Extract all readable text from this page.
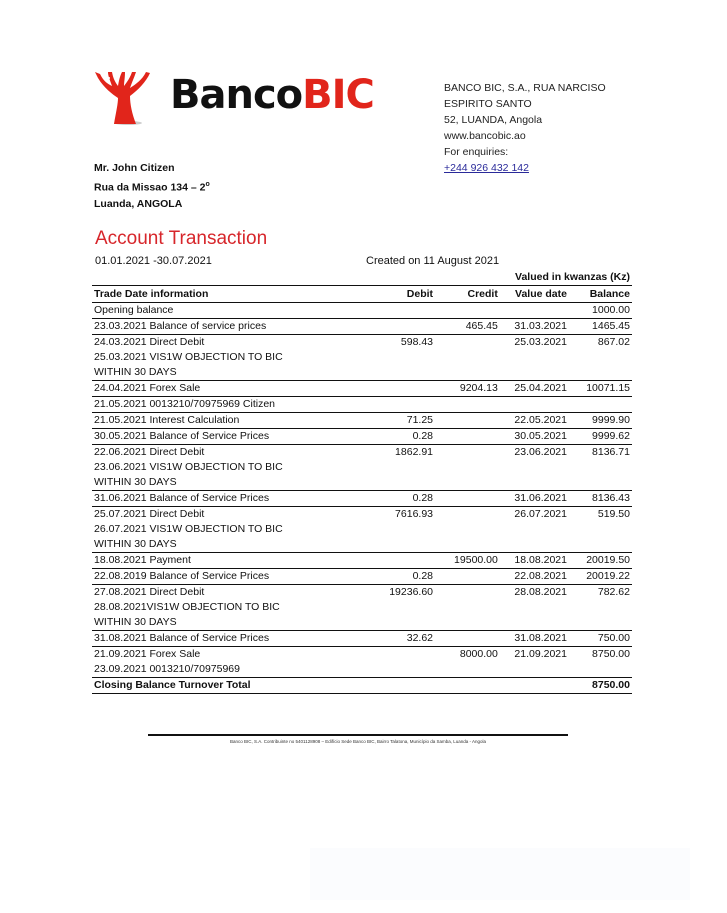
BancoBIC	BANCO BIC, S.A., RUA NARCISO
ESPIRITO SANTO
52, LUANDA, Angola
www.bancobic.ao
For enquiries:
+244 926 432 142
Mr. John Citizen
Rua da Missao 134 – 2$^o$
Luanda, ANGOLA
Account Transaction
01.01.2021 -30.07.2021	Created on 11 August 2021
Valued in kwanzas (Kz)
Trade Date information	Debit	Credit	Value date	Balance
Opening balance				1000.00
23.03.2021 Balance of service prices		465.45	31.03.2021	1465.45
24.03.2021 Direct Debit	598.43		25.03.2021	867.02
25.03.2021 VIS1W OBJECTION TO BIC				
WITHIN 30 DAYS				
24.04.2021 Forex Sale		9204.13	25.04.2021	10071.15
21.05.2021 0013210/70975969 Citizen				
21.05.2021 Interest Calculation	71.25		22.05.2021	9999.90
30.05.2021 Balance of Service Prices	0.28		30.05.2021	9999.62
22.06.2021 Direct Debit	1862.91		23.06.2021	8136.71
23.06.2021 VIS1W OBJECTION TO BIC				
WITHIN 30 DAYS				
31.06.2021 Balance of Service Prices	0.28		31.06.2021	8136.43
25.07.2021 Direct Debit	7616.93		26.07.2021	519.50
26.07.2021 VIS1W OBJECTION TO BIC				
WITHIN 30 DAYS				
18.08.2021 Payment		19500.00	18.08.2021	20019.50
22.08.2019 Balance of Service Prices	0.28		22.08.2021	20019.22
27.08.2021 Direct Debit	19236.60		28.08.2021	782.62
28.08.2021VIS1W OBJECTION TO BIC				
WITHIN 30 DAYS				
31.08.2021 Balance of Service Prices	32.62		31.08.2021	750.00
21.09.2021 Forex Sale		8000.00	21.09.2021	8750.00
23.09.2021 0013210/70975969				
Closing Balance Turnover Total				8750.00
Banco BIC, S.A. Contribuinte no 5401128908 – Edifício Sede Banco BIC, Bairro Talatona, Município da Samba, Luanda - Angola
